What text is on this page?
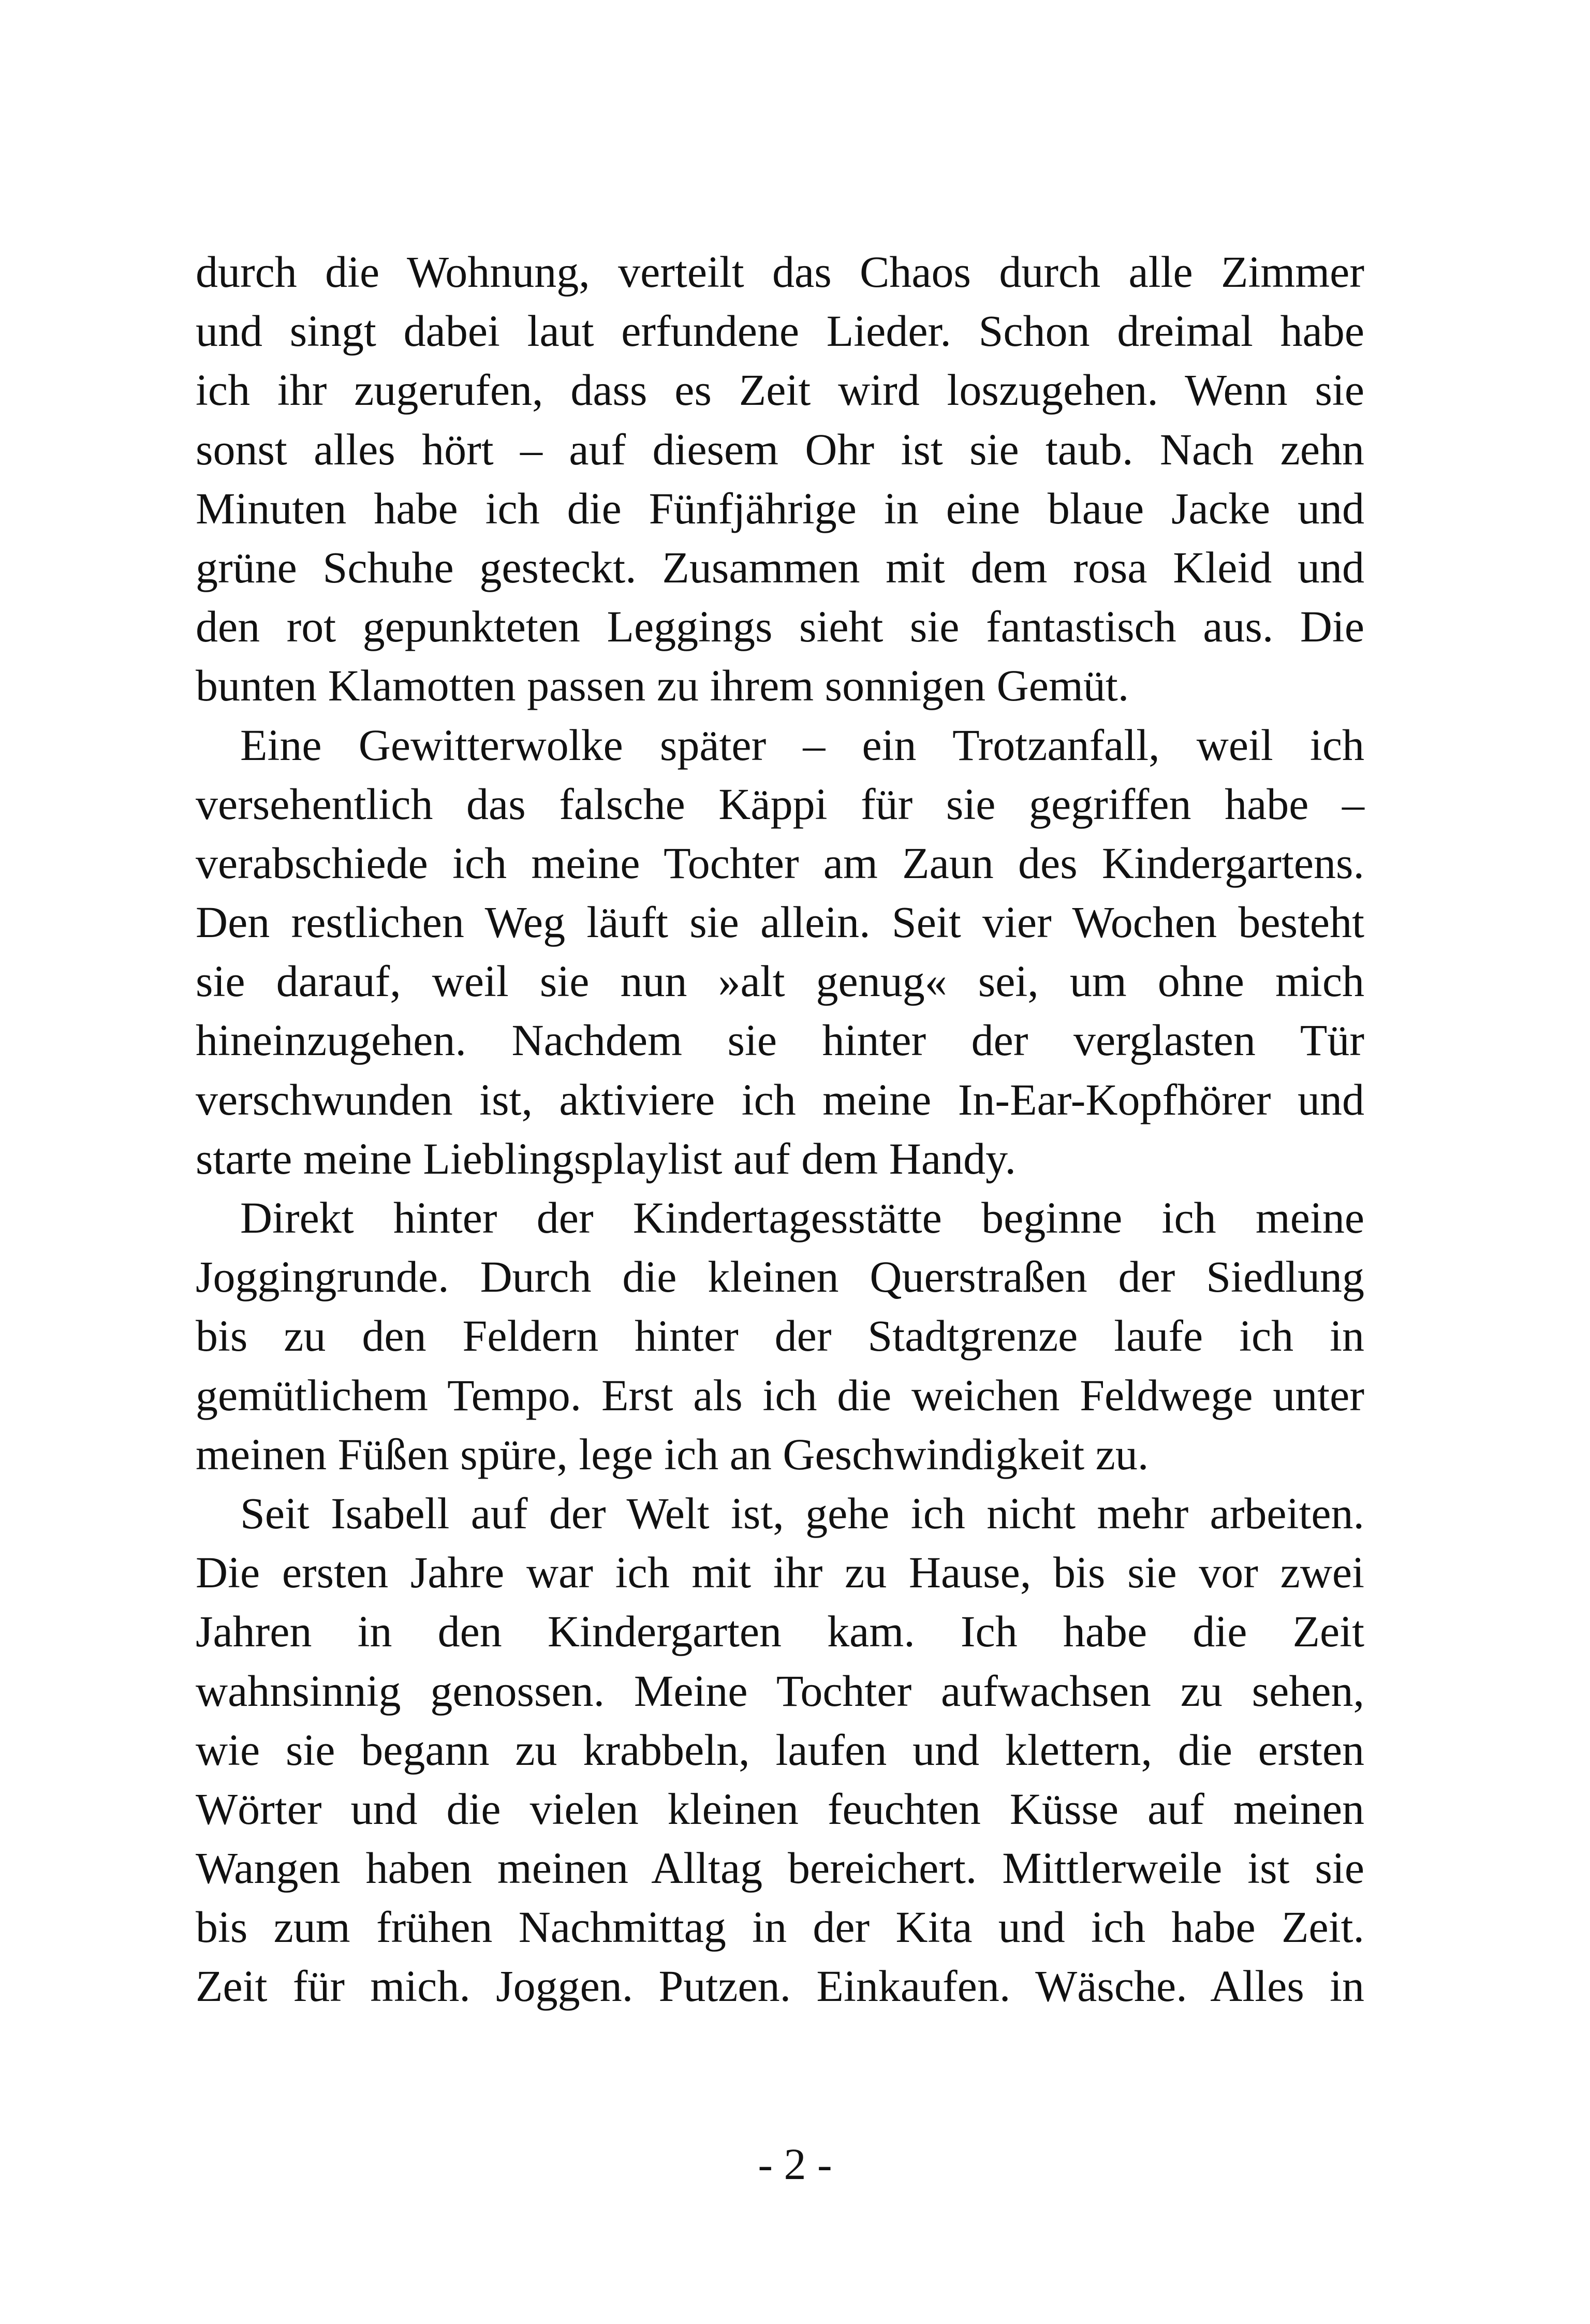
durch die Wohnung, verteilt das Chaos durch alle Zimmer
und singt dabei laut erfundene Lieder. Schon dreimal habe
ich ihr zugerufen, dass es Zeit wird loszugehen. Wenn sie
sonst alles hört – auf diesem Ohr ist sie taub. Nach zehn
Minuten habe ich die Fünfjährige in eine blaue Jacke und
grüne Schuhe gesteckt. Zusammen mit dem rosa Kleid und
den rot gepunkteten Leggings sieht sie fantastisch aus. Die
bunten Klamotten passen zu ihrem sonnigen Gemüt.
Eine Gewitterwolke später – ein Trotzanfall, weil ich
versehentlich das falsche Käppi für sie gegriffen habe –
verabschiede ich meine Tochter am Zaun des Kindergartens.
Den restlichen Weg läuft sie allein. Seit vier Wochen besteht
sie darauf, weil sie nun »alt genug« sei, um ohne mich
hineinzugehen. Nachdem sie hinter der verglasten Tür
verschwunden ist, aktiviere ich meine In-Ear-Kopfhörer und
starte meine Lieblingsplaylist auf dem Handy.
Direkt hinter der Kindertagesstätte beginne ich meine
Joggingrunde. Durch die kleinen Querstraßen der Siedlung
bis zu den Feldern hinter der Stadtgrenze laufe ich in
gemütlichem Tempo. Erst als ich die weichen Feldwege unter
meinen Füßen spüre, lege ich an Geschwindigkeit zu.
Seit Isabell auf der Welt ist, gehe ich nicht mehr arbeiten.
Die ersten Jahre war ich mit ihr zu Hause, bis sie vor zwei
Jahren in den Kindergarten kam. Ich habe die Zeit
wahnsinnig genossen. Meine Tochter aufwachsen zu sehen,
wie sie begann zu krabbeln, laufen und klettern, die ersten
Wörter und die vielen kleinen feuchten Küsse auf meinen
Wangen haben meinen Alltag bereichert. Mittlerweile ist sie
bis zum frühen Nachmittag in der Kita und ich habe Zeit.
Zeit für mich. Joggen. Putzen. Einkaufen. Wäsche. Alles in
- 2 -
